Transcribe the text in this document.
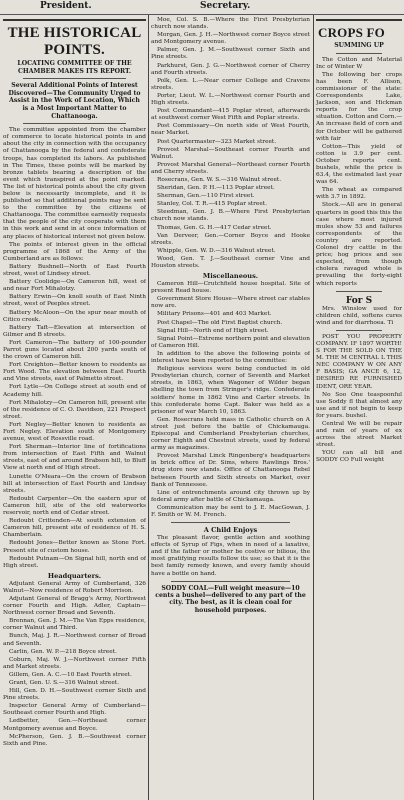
President.	Secretary.
THE HISTORICAL POINTS.
LOCATING COMMITTEE OF THE CHAMBER MAKES ITS REPORT.
Several Additional Points of Interest Discovered—The Community Urged to Assist in the Work of Location, Which is a Most Important Matter to Chattanooga.

The committee appointed from the chamber of commerce to locate historical points in and about the city in connection with the occupancy of Chattanooga by the federal and confederate troops, has completed its labors. As published in The Times, these points will be marked by bronze tablets bearing a description of the event which transpired at the point marked. The list of historical points about the city given below is necessarily incomplete, and it is published so that additional points may be sent to the committee by the citizens of Chattanooga. The committee earnestly requests that the people of the city cooperate with them in this work and send in at once information of any places of historical interest not given below.

The points of interest given in the official programme of 1868 of the Army of the Cumberland are as follows:

Battery Bushnell—North of East Fourth street, west of Lindsey street.

Battery Coolidge—On Cameron hill, west of and near Fort Mihalotzy.

Battery Erwin—On knoll south of East Ninth street, west of Peeples street.

Battery McAloon—On the spur near mouth of Citico creek.

Battery Taft—Elevation at intersection of Gilmer and B streets.

Fort Cameron—The battery of 100-pounder Parrot guns located about 200 yards south of the crown of Cameron hill.

Fort Creighton—Better known to residents as Fort Wood. The elevation between East Fourth and Vine streets, east of Palmetto street.

Fort Lytle—On College street at south end of Academy hill.

Fort Mihalotzy—On Cameron hill, present site of the residence of C. O. Davidson, 221 Prospect street.

Fort Negley—Better known to residents as Fort Negley. Elevation south of Montgomery avenue, west of Rossville road.

Fort Sherman—Interior line of fortifications from intersection of East Fifth and Walnut streets, east of and around Brabson hill, to Bluff View at north end of High street.

Lunette O'Meara—On the crown of Brabson hill at intersection of East Fourth and Lindsay streets.

Redoubt Carpenter—On the eastern spur of Cameron hill, site of the old waterworks reservoir, north end of Cedar street.

Redoubt Crittenden—At south extension of Cameron hill, present site of residence of H. S. Chamberlain.

Redoubt Jones—Better known as Stone Fort. Present site of custom house.

Redoubt Putnam—On Signal hill, north end of High street.

Headquarters.

Adjutant General Army of Cumberland, 326 Walnut—Now residence of Robert Morrison.

Adjutant General of Bragg's Army, Northwest corner Fourth and High. Adler, Captain—Northwest corner Broad and Seventh.

Brennan, Gen. J. M.—The Van Epps residence, corner Walnut and Third.

Bunch, Maj. J. R.—Northwest corner of Broad and Seventh.

Carlin, Gen. W. P.—218 Boyce street.

Coburn, Maj. W. J.—Northwest corner Fifth and Market streets.

Gillem, Gen. A. C.—10 East Fourth street.

Grant, Gen. U. S.—316 Walnut street.

Hill, Gen. D. H.—Southwest corner Sixth and Pine streets.

Inspector General Army of Cumberland—Southeast corner Fourth and High.

Ledbetter, Gen.—Northeast corner Montgomery avenue and Boyce.

McPherson, Gen. J. B.—Southwest corner Sixth and Pine.

Moe, Col. S. B.—Where the First Presbyterian church now stands.

Morgan, Gen. J. H.—Northwest corner Boyce street and Montgomery avenue.

Palmer, Gen. J. M.—Southwest corner Sixth and Pine streets.

Parkhurst, Gen. J. G.—Northwest corner of Cherry and Fourth streets.

Polk, Gen. L.—Near corner College and Cravens streets.

Porter, Lieut. W. L.—Northwest corner Fourth and High streets.

Post Commandant—415 Poplar street, afterwards at southwest corner West Fifth and Poplar streets.

Post Commissary—On north side of West Fourth, near Market.

Post Quartermaster—323 Market street.

Provost Marshal—Southeast corner Fourth and Walnut.

Provost Marshal General—Northeast corner Fourth and Cherry streets.

Rosecrans, Gen. W. S.—316 Walnut street.

Sheridan, Gen. P. H.—113 Poplar street.

Sherman, Gen.—110 First street.

Stanley, Col. T. R.—415 Poplar street.

Steedman, Gen. J. B.—Where First Presbyterian church now stands.

Thomas, Gen. G. H.—417 Cedar street.

Van Derveer, Gen.—Corner Boyce and Hooke streets.

Whipple, Gen. W. D.—316 Walnut street.

Wood, Gen. T. J.—Southeast corner Vine and Houston streets.

Miscellaneous.

Cameron Hill—Crutchfield house hospital. Site of present Read house.

Government Store House—Where street car stables now are.

Military Prisons—401 and 403 Market.

Post Chapel—The old First Baptist church.

Signal Hill—North end of High street.

Signal Point—Extreme northern point and elevation of Cameron Hill.

In addition to the above the following points of interest have been reported to the committee:

Religious services were being conducted in old Presbyterian church, corner of Seventh and Market streets, in 1863, when Wagoner of Wilder began shelling the town from Stringer's ridge. Confederate soldiers' home in 1862 Vine and Carter streets. In this confederate home Capt. Baker was held as a prisoner of war March 10, 1863.

Gen. Rosecrans held mass in Catholic church on A street just before the battle of Chickamauga. Episcopal and Cumberland Presbyterian churches, corner Eighth and Chestnut streets, used by federal army as magazines.

Provost Marshal Linck Ringenberg's headquarters in brick office of Dr. Sims, where Rawlings Bros.' drug store now stands. Office of Chattanooga Rebel between Fourth and Sixth streets on Market, over Bank of Tennessee.

Line of entrenchments around city thrown up by federal army after battle of Chickamauga.

Communication may be sent to J. E. MacGowan, J. F. Smith or W. M. French.

A Child Enjoys

The pleasant flavor, gentle action and soothing effects of Syrup of Figs, when in need of a laxative, and if the father or mother be costive or bilious, the most gratifying results follow its use; so that it is the best family remedy known, and every family should have a bottle on hand.

SODDY COAL—Full weight measure—10 cents a bushel—delivered to any part of the city. The best, as it is clean coal for household purposes.

CROPS FO
SUMMING UP

The Cotton and Material Inc of Winter W

The following her crops has been F. Allison, commissioner of the state: Correspondents Lake, Jackson, son and Hickman reports for the crop situation. Cotton and Corn.—An increase field of corn and for October will be gathered with fair

Cotton—This yield of cotton is 3.9 per cent. October reports cent. bushels, while the price is 63.4, the estimated last year was 64.

The wheat as compared with 3.7 in 1892.

Stock.—All are in general quarters in good this this the case where most injured mules show 53 and failures correspondents of the country are reported. Colonel dry cattle in the price; hog prices and see expected, from though cholera ravaged whole is prevailing the forty-eight which reports

For S

Mrs. Winslow used for children child, softens cures wind and for diarrhoea. Ti

POST YOU PROPERTY COMPANY. IF 1897 WORTH! S FOR THE SOLD ON THE M. THE M CENTRAL L THIS NEC COMPANY W ON ANY F BASIS; GA ANCE 6, 12, DESIRED RE FURNISHED IDENT, ORE YEAR.

No Soo One teaspoonful use Soddy fl that almost any use and if not begin to keep for years. bushel.

Central We will be repair and rain of years of ex across the street Market street.

YOU can all bill and SODDY CO Full weight
